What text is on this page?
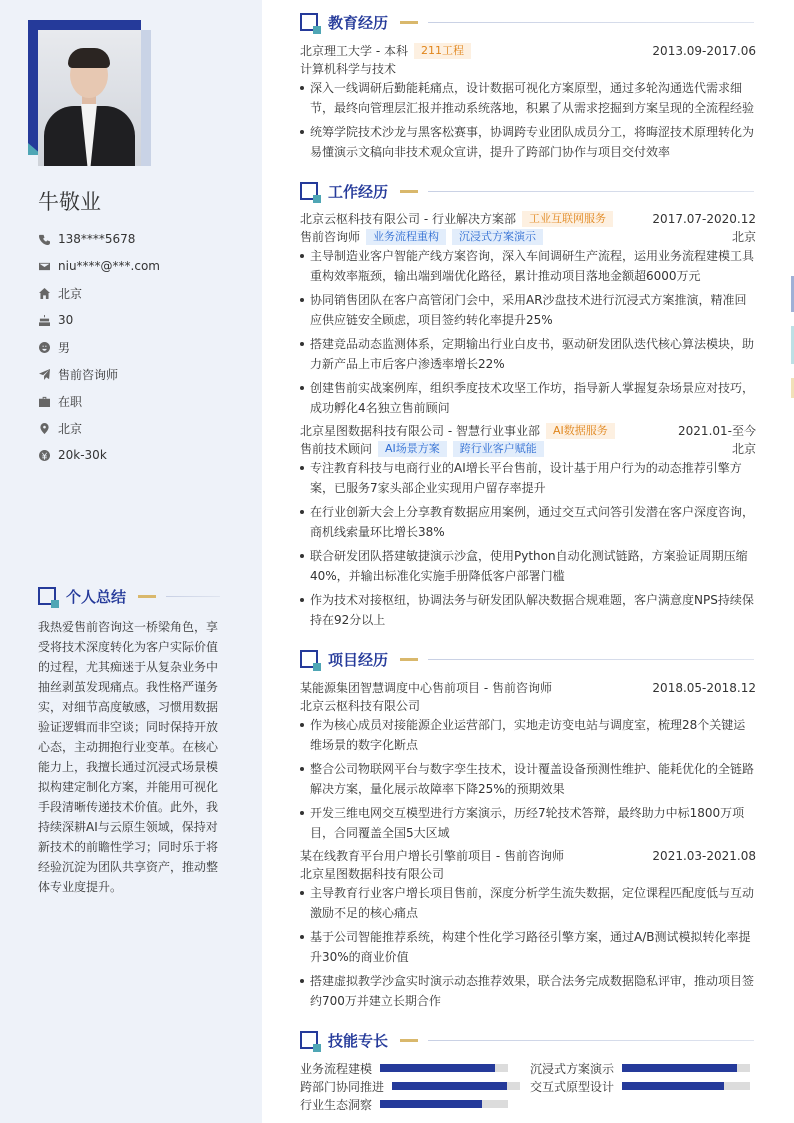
牛敬业
138****5678
niu****@***.com
北京
30
男
售前咨询师
在职
北京
20k-30k
个人总结
我热爱售前咨询这一桥梁角色，享受将技术深度转化为客户实际价值的过程，尤其痴迷于从复杂业务中抽丝剥茧发现痛点。我性格严谨务实，对细节高度敏感，习惯用数据验证逻辑而非空谈；同时保持开放心态，主动拥抱行业变革。在核心能力上，我擅长通过沉浸式场景模拟构建定制化方案，并能用可视化手段清晰传递技术价值。此外，我持续深耕AI与云原生领域，保持对新技术的前瞻性学习；同时乐于将经验沉淀为团队共享资产，推动整体专业度提升。
教育经历
北京理工大学 - 本科	211工程	2013.09-2017.06
计算机科学与技术
深入一线调研后勤能耗痛点，设计数据可视化方案原型，通过多轮沟通选代需求细节，最终向管理层汇报并推动系统落地，积累了从需求挖掘到方案呈现的全流程经验
统筹学院技术沙龙与黑客松赛事，协调跨专业团队成员分工，将晦涩技术原理转化为易懂演示文稿向非技术观众宣讲，提升了跨部门协作与项目交付效率
工作经历
北京云枢科技有限公司 - 行业解决方案部	工业互联网服务	2017.07-2020.12
售前咨询师	业务流程重构	沉浸式方案演示	北京
主导制造业客户智能产线方案咨询，深入车间调研生产流程，运用业务流程建模工具重构效率瓶颈，输出端到端优化路径，累计推动项目落地金额超6000万元
协同销售团队在客户高管闭门会中，采用AR沙盘技术进行沉浸式方案推演，精准回应供应链安全顾虑，项目签约转化率提升25%
搭建竞品动态监测体系，定期输出行业白皮书，驱动研发团队迭代核心算法模块，助力新产品上市后客户渗透率增长22%
创建售前实战案例库，组织季度技术攻坚工作坊，指导新人掌握复杂场景应对技巧，成功孵化4名独立售前顾问
北京星图数据科技有限公司 - 智慧行业事业部	AI数据服务	2021.01-至今
售前技术顾问	AI场景方案	跨行业客户赋能	北京
专注教育科技与电商行业的AI增长平台售前，设计基于用户行为的动态推荐引擎方案，已服务7家头部企业实现用户留存率提升
在行业创新大会上分享教育数据应用案例，通过交互式问答引发潜在客户深度咨询，商机线索量环比增长38%
联合研发团队搭建敏捷演示沙盒，使用Python自动化测试链路，方案验证周期压缩40%，并输出标准化实施手册降低客户部署门槛
作为技术对接枢纽，协调法务与研发团队解决数据合规难题，客户满意度NPS持续保持在92分以上
项目经历
某能源集团智慧调度中心售前项目 - 售前咨询师	2018.05-2018.12
北京云枢科技有限公司
作为核心成员对接能源企业运营部门，实地走访变电站与调度室，梳理28个关键运维场景的数字化断点
整合公司物联网平台与数字孪生技术，设计覆盖设备预测性维护、能耗优化的全链路解决方案，量化展示故障率下降25%的预期效果
开发三维电网交互模型进行方案演示，历经7轮技术答辩，最终助力中标1800万项目，合同覆盖全国5大区域
某在线教育平台用户增长引擎前项目 - 售前咨询师	2021.03-2021.08
北京星图数据科技有限公司
主导教育行业客户增长项目售前，深度分析学生流失数据，定位课程匹配度低与互动激励不足的核心痛点
基于公司智能推荐系统，构建个性化学习路径引擎方案，通过A/B测试模拟转化率提升30%的商业价值
搭建虚拟教学沙盒实时演示动态推荐效果，联合法务完成数据隐私评审，推动项目签约700万并建立长期合作
技能专长
业务流程建模	沉浸式方案演示
跨部门协同推进	交互式原型设计
行业生态洞察
